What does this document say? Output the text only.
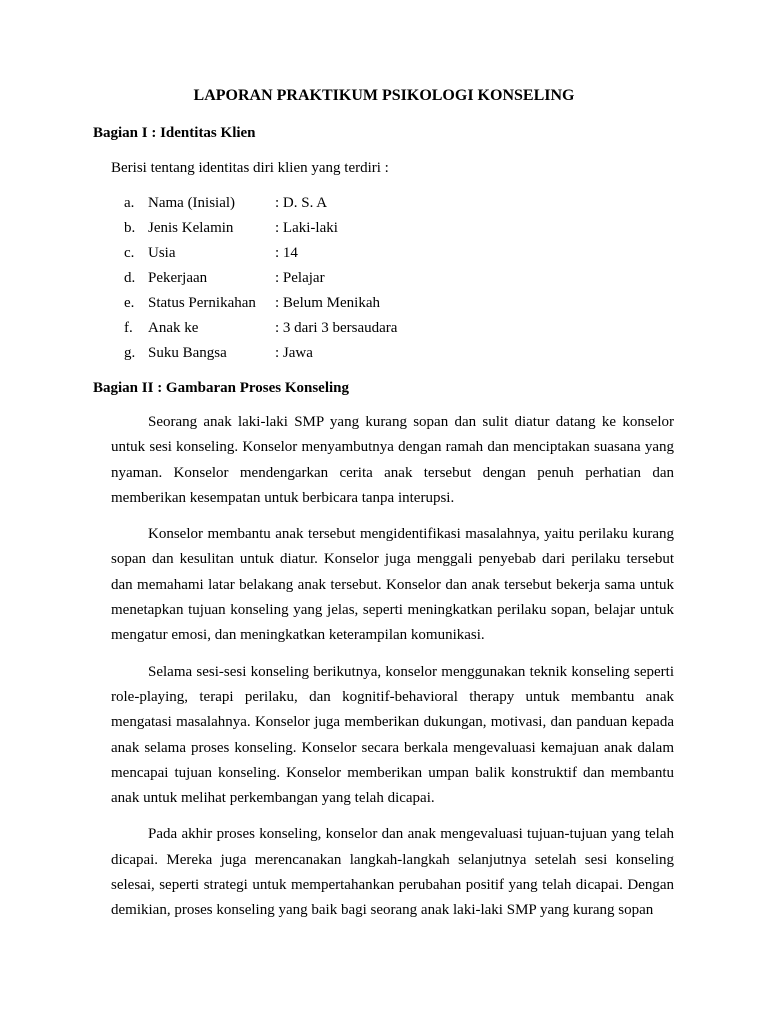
LAPORAN PRAKTIKUM PSIKOLOGI KONSELING
Bagian I : Identitas Klien

Berisi tentang identitas diri klien yang terdiri :

a. Nama (Inisial)	: D. S. A
b. Jenis Kelamin	: Laki-laki
c. Usia	: 14
d. Pekerjaan	: Pelajar
e. Status Pernikahan : Belum Menikah
f. Anak ke	: 3 dari 3 bersaudara
g. Suku Bangsa	: Jawa
Bagian II : Gambaran Proses Konseling

Seorang anak laki-laki SMP yang kurang sopan dan sulit diatur datang ke konselor untuk sesi konseling. Konselor menyambutnya dengan ramah dan menciptakan suasana yang nyaman. Konselor mendengarkan cerita anak tersebut dengan penuh perhatian dan memberikan kesempatan untuk berbicara tanpa interupsi.

Konselor membantu anak tersebut mengidentifikasi masalahnya, yaitu perilaku kurang sopan dan kesulitan untuk diatur. Konselor juga menggali penyebab dari perilaku tersebut dan memahami latar belakang anak tersebut. Konselor dan anak tersebut bekerja sama untuk menetapkan tujuan konseling yang jelas, seperti meningkatkan perilaku sopan, belajar untuk mengatur emosi, dan meningkatkan keterampilan komunikasi.

Selama sesi-sesi konseling berikutnya, konselor menggunakan teknik konseling seperti role-playing, terapi perilaku, dan kognitif-behavioral therapy untuk membantu anak mengatasi masalahnya. Konselor juga memberikan dukungan, motivasi, dan panduan kepada anak selama proses konseling. Konselor secara berkala mengevaluasi kemajuan anak dalam mencapai tujuan konseling. Konselor memberikan umpan balik konstruktif dan membantu anak untuk melihat perkembangan yang telah dicapai.

Pada akhir proses konseling, konselor dan anak mengevaluasi tujuan-tujuan yang telah dicapai. Mereka juga merencanakan langkah-langkah selanjutnya setelah sesi konseling selesai, seperti strategi untuk mempertahankan perubahan positif yang telah dicapai. Dengan demikian, proses konseling yang baik bagi seorang anak laki-laki SMP yang kurang sopan
